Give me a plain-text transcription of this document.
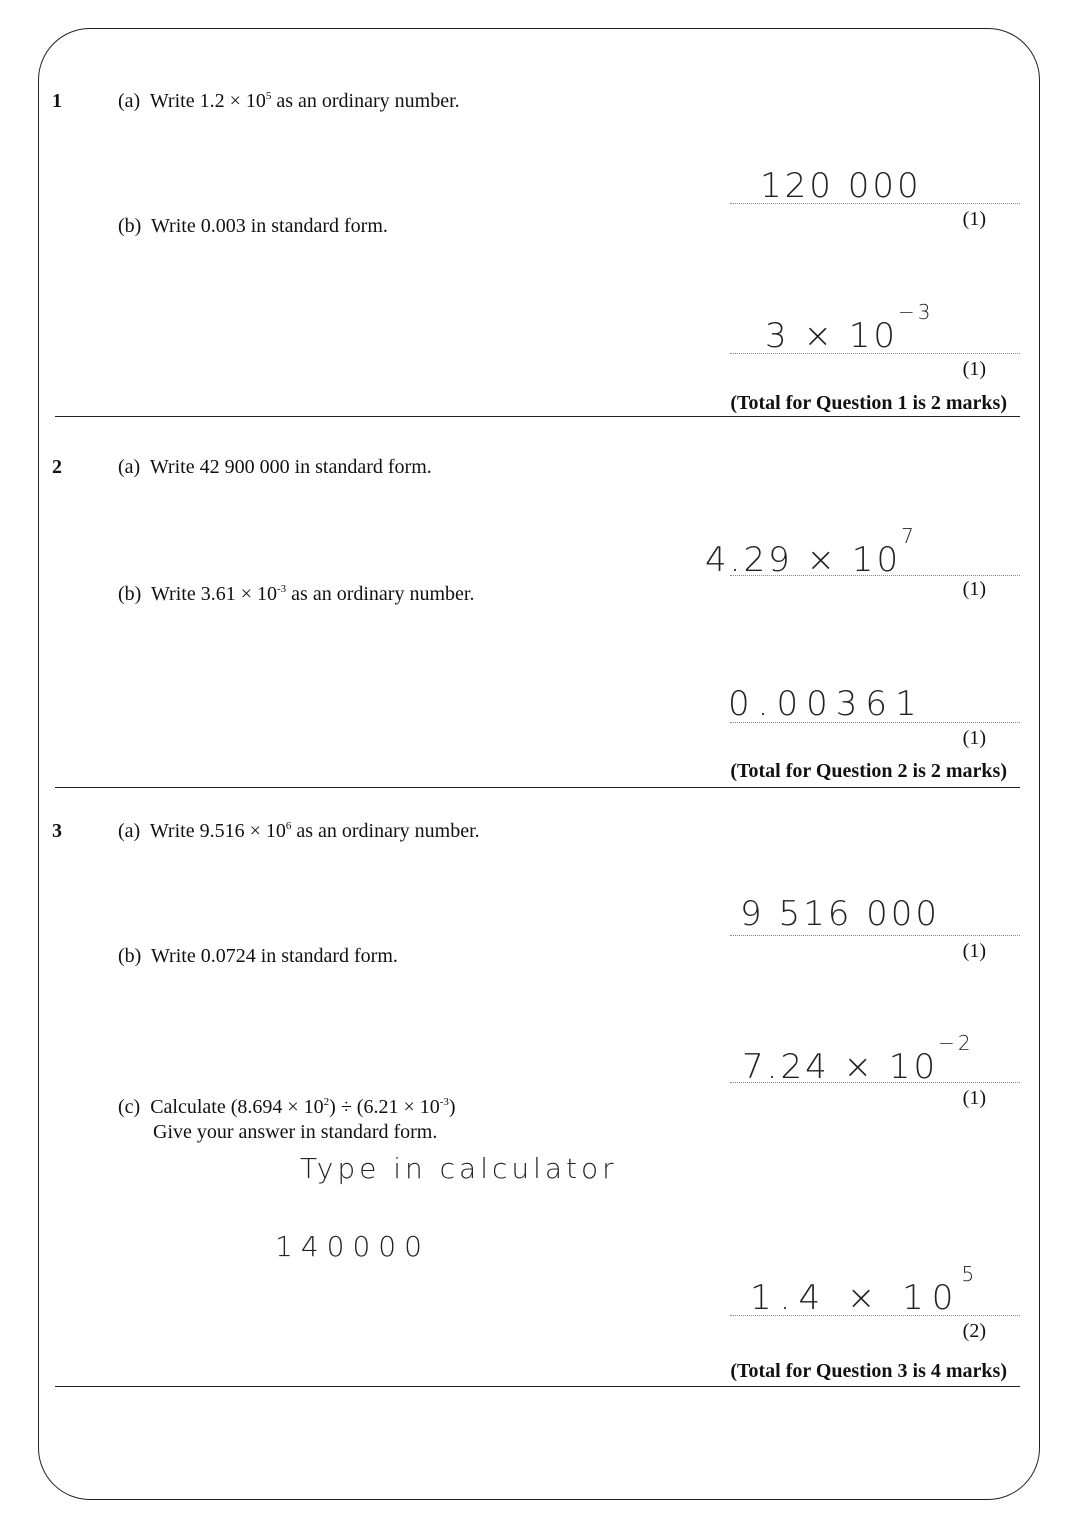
1	(a) Write $1.2 \times 10^5$ as an ordinary number.
120 000
(1)
(b) Write 0.003 in standard form.
$3 \times 10^{-3}$
(1)
(Total for Question 1 is 2 marks)
2	(a) Write 42 900 000 in standard form.
$4.29 \times 10^7$
(1)
(b) Write $3.61 \times 10^{-3}$ as an ordinary number.
0.00361
(1)
(Total for Question 2 is 2 marks)
3	(a) Write $9.516 \times 10^6$ as an ordinary number.
9 516 000
(1)
(b) Write 0.0724 in standard form.
$7.24 \times 10^{-2}$
(1)
(c) Calculate $(8.694 \times 10^2) \div (6.21 \times 10^{-3})$
Give your answer in standard form.
Type in calculator
140000
$1.4 \times 10^5$
(2)
(Total for Question 3 is 4 marks)
